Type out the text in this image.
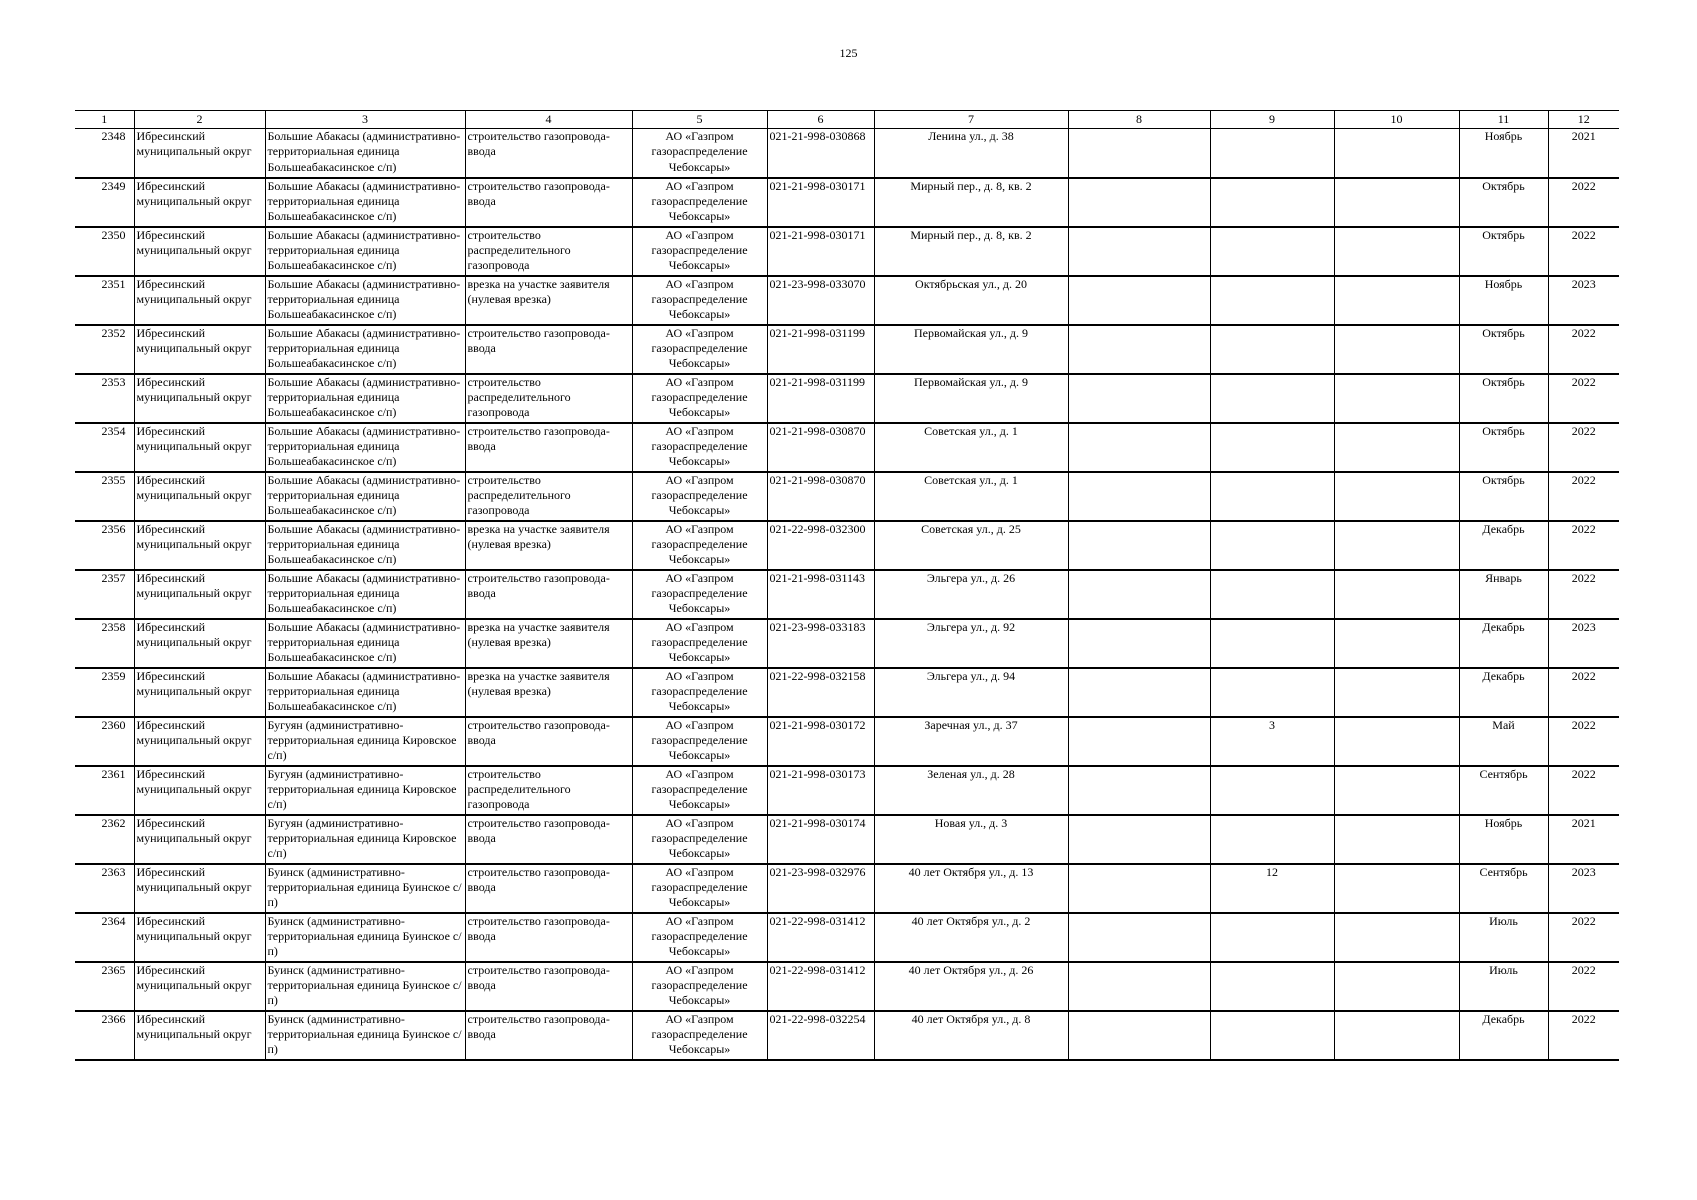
125
1	2	3	4	5	6	7	8	9	10	11	12
2348	Ибресинский муниципальный округ	Большие Абакасы (административно-территориальная единица Большеабакасинское с/п)	строительство газопровода-ввода	АО «Газпром газораспределение Чебоксары»	021-21-998-030868	Ленина ул., д. 38				Ноябрь	2021
2349	Ибресинский муниципальный округ	Большие Абакасы (административно-территориальная единица Большеабакасинское с/п)	строительство газопровода-ввода	АО «Газпром газораспределение Чебоксары»	021-21-998-030171	Мирный пер., д. 8, кв. 2				Октябрь	2022
2350	Ибресинский муниципальный округ	Большие Абакасы (административно-территориальная единица Большеабакасинское с/п)	строительство распределительного газопровода	АО «Газпром газораспределение Чебоксары»	021-21-998-030171	Мирный пер., д. 8, кв. 2				Октябрь	2022
2351	Ибресинский муниципальный округ	Большие Абакасы (административно-территориальная единица Большеабакасинское с/п)	врезка на участке заявителя (нулевая врезка)	АО «Газпром газораспределение Чебоксары»	021-23-998-033070	Октябрьская ул., д. 20				Ноябрь	2023
2352	Ибресинский муниципальный округ	Большие Абакасы (административно-территориальная единица Большеабакасинское с/п)	строительство газопровода-ввода	АО «Газпром газораспределение Чебоксары»	021-21-998-031199	Первомайская ул., д. 9				Октябрь	2022
2353	Ибресинский муниципальный округ	Большие Абакасы (административно-территориальная единица Большеабакасинское с/п)	строительство распределительного газопровода	АО «Газпром газораспределение Чебоксары»	021-21-998-031199	Первомайская ул., д. 9				Октябрь	2022
2354	Ибресинский муниципальный округ	Большие Абакасы (административно-территориальная единица Большеабакасинское с/п)	строительство газопровода-ввода	АО «Газпром газораспределение Чебоксары»	021-21-998-030870	Советская ул., д. 1				Октябрь	2022
2355	Ибресинский муниципальный округ	Большие Абакасы (административно-территориальная единица Большеабакасинское с/п)	строительство распределительного газопровода	АО «Газпром газораспределение Чебоксары»	021-21-998-030870	Советская ул., д. 1				Октябрь	2022
2356	Ибресинский муниципальный округ	Большие Абакасы (административно-территориальная единица Большеабакасинское с/п)	врезка на участке заявителя (нулевая врезка)	АО «Газпром газораспределение Чебоксары»	021-22-998-032300	Советская ул., д. 25				Декабрь	2022
2357	Ибресинский муниципальный округ	Большие Абакасы (административно-территориальная единица Большеабакасинское с/п)	строительство газопровода-ввода	АО «Газпром газораспределение Чебоксары»	021-21-998-031143	Эльгера ул., д. 26				Январь	2022
2358	Ибресинский муниципальный округ	Большие Абакасы (административно-территориальная единица Большеабакасинское с/п)	врезка на участке заявителя (нулевая врезка)	АО «Газпром газораспределение Чебоксары»	021-23-998-033183	Эльгера ул., д. 92				Декабрь	2023
2359	Ибресинский муниципальный округ	Большие Абакасы (административно-территориальная единица Большеабакасинское с/п)	врезка на участке заявителя (нулевая врезка)	АО «Газпром газораспределение Чебоксары»	021-22-998-032158	Эльгера ул., д. 94				Декабрь	2022
2360	Ибресинский муниципальный округ	Бугуян (административно-территориальная единица Кировское с/п)	строительство газопровода-ввода	АО «Газпром газораспределение Чебоксары»	021-21-998-030172	Заречная ул., д. 37		3		Май	2022
2361	Ибресинский муниципальный округ	Бугуян (административно-территориальная единица Кировское с/п)	строительство распределительного газопровода	АО «Газпром газораспределение Чебоксары»	021-21-998-030173	Зеленая ул., д. 28				Сентябрь	2022
2362	Ибресинский муниципальный округ	Бугуян (административно-территориальная единица Кировское с/п)	строительство газопровода-ввода	АО «Газпром газораспределение Чебоксары»	021-21-998-030174	Новая ул., д. 3				Ноябрь	2021
2363	Ибресинский муниципальный округ	Буинск (административно-территориальная единица Буинское с/п)	строительство газопровода-ввода	АО «Газпром газораспределение Чебоксары»	021-23-998-032976	40 лет Октября ул., д. 13		12		Сентябрь	2023
2364	Ибресинский муниципальный округ	Буинск (административно-территориальная единица Буинское с/п)	строительство газопровода-ввода	АО «Газпром газораспределение Чебоксары»	021-22-998-031412	40 лет Октября ул., д. 2				Июль	2022
2365	Ибресинский муниципальный округ	Буинск (административно-территориальная единица Буинское с/п)	строительство газопровода-ввода	АО «Газпром газораспределение Чебоксары»	021-22-998-031412	40 лет Октября ул., д. 26				Июль	2022
2366	Ибресинский муниципальный округ	Буинск (административно-территориальная единица Буинское с/п)	строительство газопровода-ввода	АО «Газпром газораспределение Чебоксары»	021-22-998-032254	40 лет Октября ул., д. 8				Декабрь	2022
